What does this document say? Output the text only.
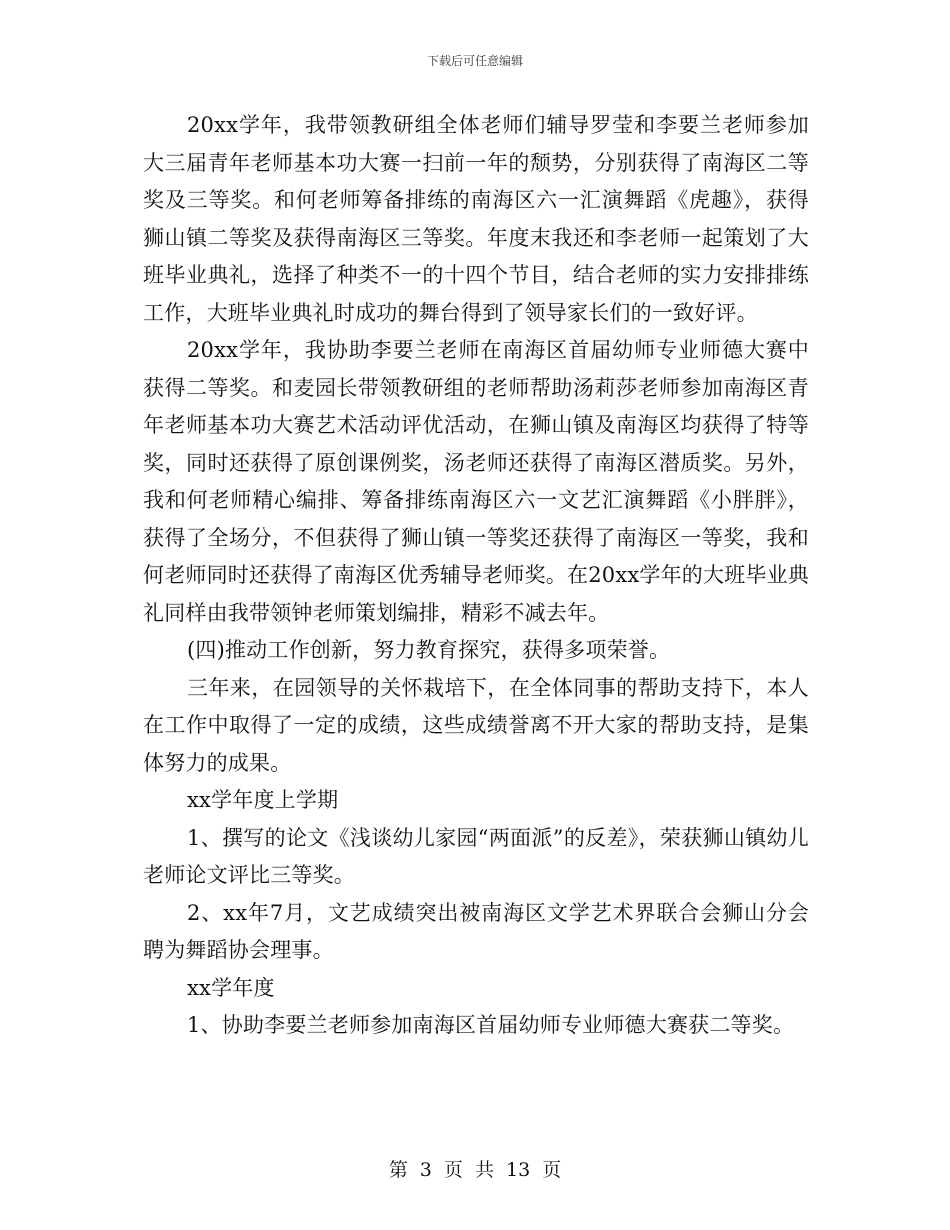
下载后可任意编辑

20xx学年，我带领教研组全体老师们辅导罗莹和李要兰老师参加大三届青年老师基本功大赛一扫前一年的颓势，分别获得了南海区二等奖及三等奖。和何老师筹备排练的南海区六一汇演舞蹈《虎趣》，获得狮山镇二等奖及获得南海区三等奖。年度末我还和李老师一起策划了大班毕业典礼，选择了种类不一的十四个节目，结合老师的实力安排排练工作，大班毕业典礼时成功的舞台得到了领导家长们的一致好评。

20xx学年，我协助李要兰老师在南海区首届幼师专业师德大赛中获得二等奖。和麦园长带领教研组的老师帮助汤莉莎老师参加南海区青年老师基本功大赛艺术活动评优活动，在狮山镇及南海区均获得了特等奖，同时还获得了原创课例奖，汤老师还获得了南海区潜质奖。另外，我和何老师精心编排、筹备排练南海区六一文艺汇演舞蹈《小胖胖》，获得了全场分，不但获得了狮山镇一等奖还获得了南海区一等奖，我和何老师同时还获得了南海区优秀辅导老师奖。在20xx学年的大班毕业典礼同样由我带领钟老师策划编排，精彩不减去年。

(四)推动工作创新，努力教育探究，获得多项荣誉。

三年来，在园领导的关怀栽培下，在全体同事的帮助支持下，本人在工作中取得了一定的成绩，这些成绩誉离不开大家的帮助支持，是集体努力的成果。

xx学年度上学期

1、撰写的论文《浅谈幼儿家园“两面派”的反差》，荣获狮山镇幼儿老师论文评比三等奖。

2、xx年7月，文艺成绩突出被南海区文学艺术界联合会狮山分会聘为舞蹈协会理事。

xx学年度

1、协助李要兰老师参加南海区首届幼师专业师德大赛获二等奖。

第 3 页 共 13 页
